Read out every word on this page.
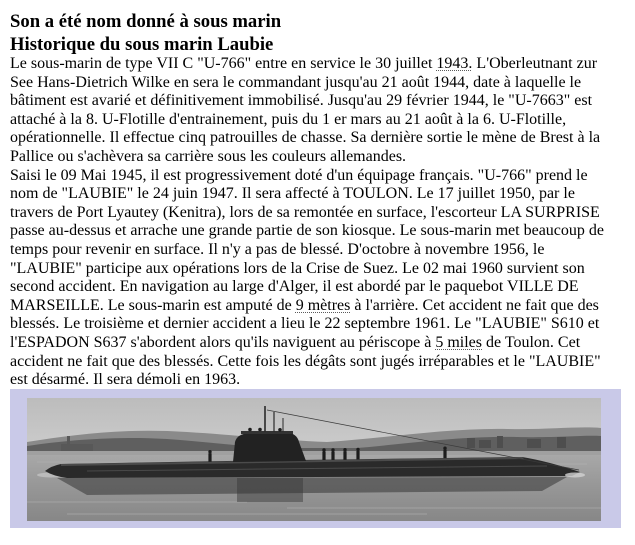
Son a été nom donné à sous marin
Historique du sous marin Laubie
Le sous-marin de type VII C "U-766" entre en service le 30 juillet 1943. L'Oberleutnant zur
See Hans-Dietrich Wilke en sera le commandant jusqu'au 21 août 1944, date à laquelle le
bâtiment est avarié et définitivement immobilisé. Jusqu'au 29 février 1944, le "U-7663" est
attaché à la 8. U-Flotille d'entrainement, puis du 1 er mars au 21 août à la 6. U-Flotille,
opérationnelle. Il effectue cinq patrouilles de chasse. Sa dernière sortie le mène de Brest à la
Pallice ou s'achèvera sa carrière sous les couleurs allemandes.
Saisi le 09 Mai 1945, il est progressivement doté d'un équipage français. "U-766" prend le
nom de "LAUBIE" le 24 juin 1947. Il sera affecté à TOULON. Le 17 juillet 1950, par le
travers de Port Lyautey (Kenitra), lors de sa remontée en surface, l'escorteur LA SURPRISE
passe au-dessus et arrache une grande partie de son kiosque. Le sous-marin met beaucoup de
temps pour revenir en surface. Il n'y a pas de blessé. D'octobre à novembre 1956, le
"LAUBIE" participe aux opérations lors de la Crise de Suez. Le 02 mai 1960 survient son
second accident. En navigation au large d'Alger, il est abordé par le paquebot VILLE DE
MARSEILLE. Le sous-marin est amputé de 9 mètres à l'arrière. Cet accident ne fait que des
blessés. Le troisième et dernier accident a lieu le 22 septembre 1961. Le "LAUBIE" S610 et
l'ESPADON S637 s'abordent alors qu'ils naviguent au périscope à 5 miles de Toulon. Cet
accident ne fait que des blessés. Cette fois les dégâts sont jugés irréparables et le "LAUBIE"
est désarmé. Il sera démoli en 1963.
